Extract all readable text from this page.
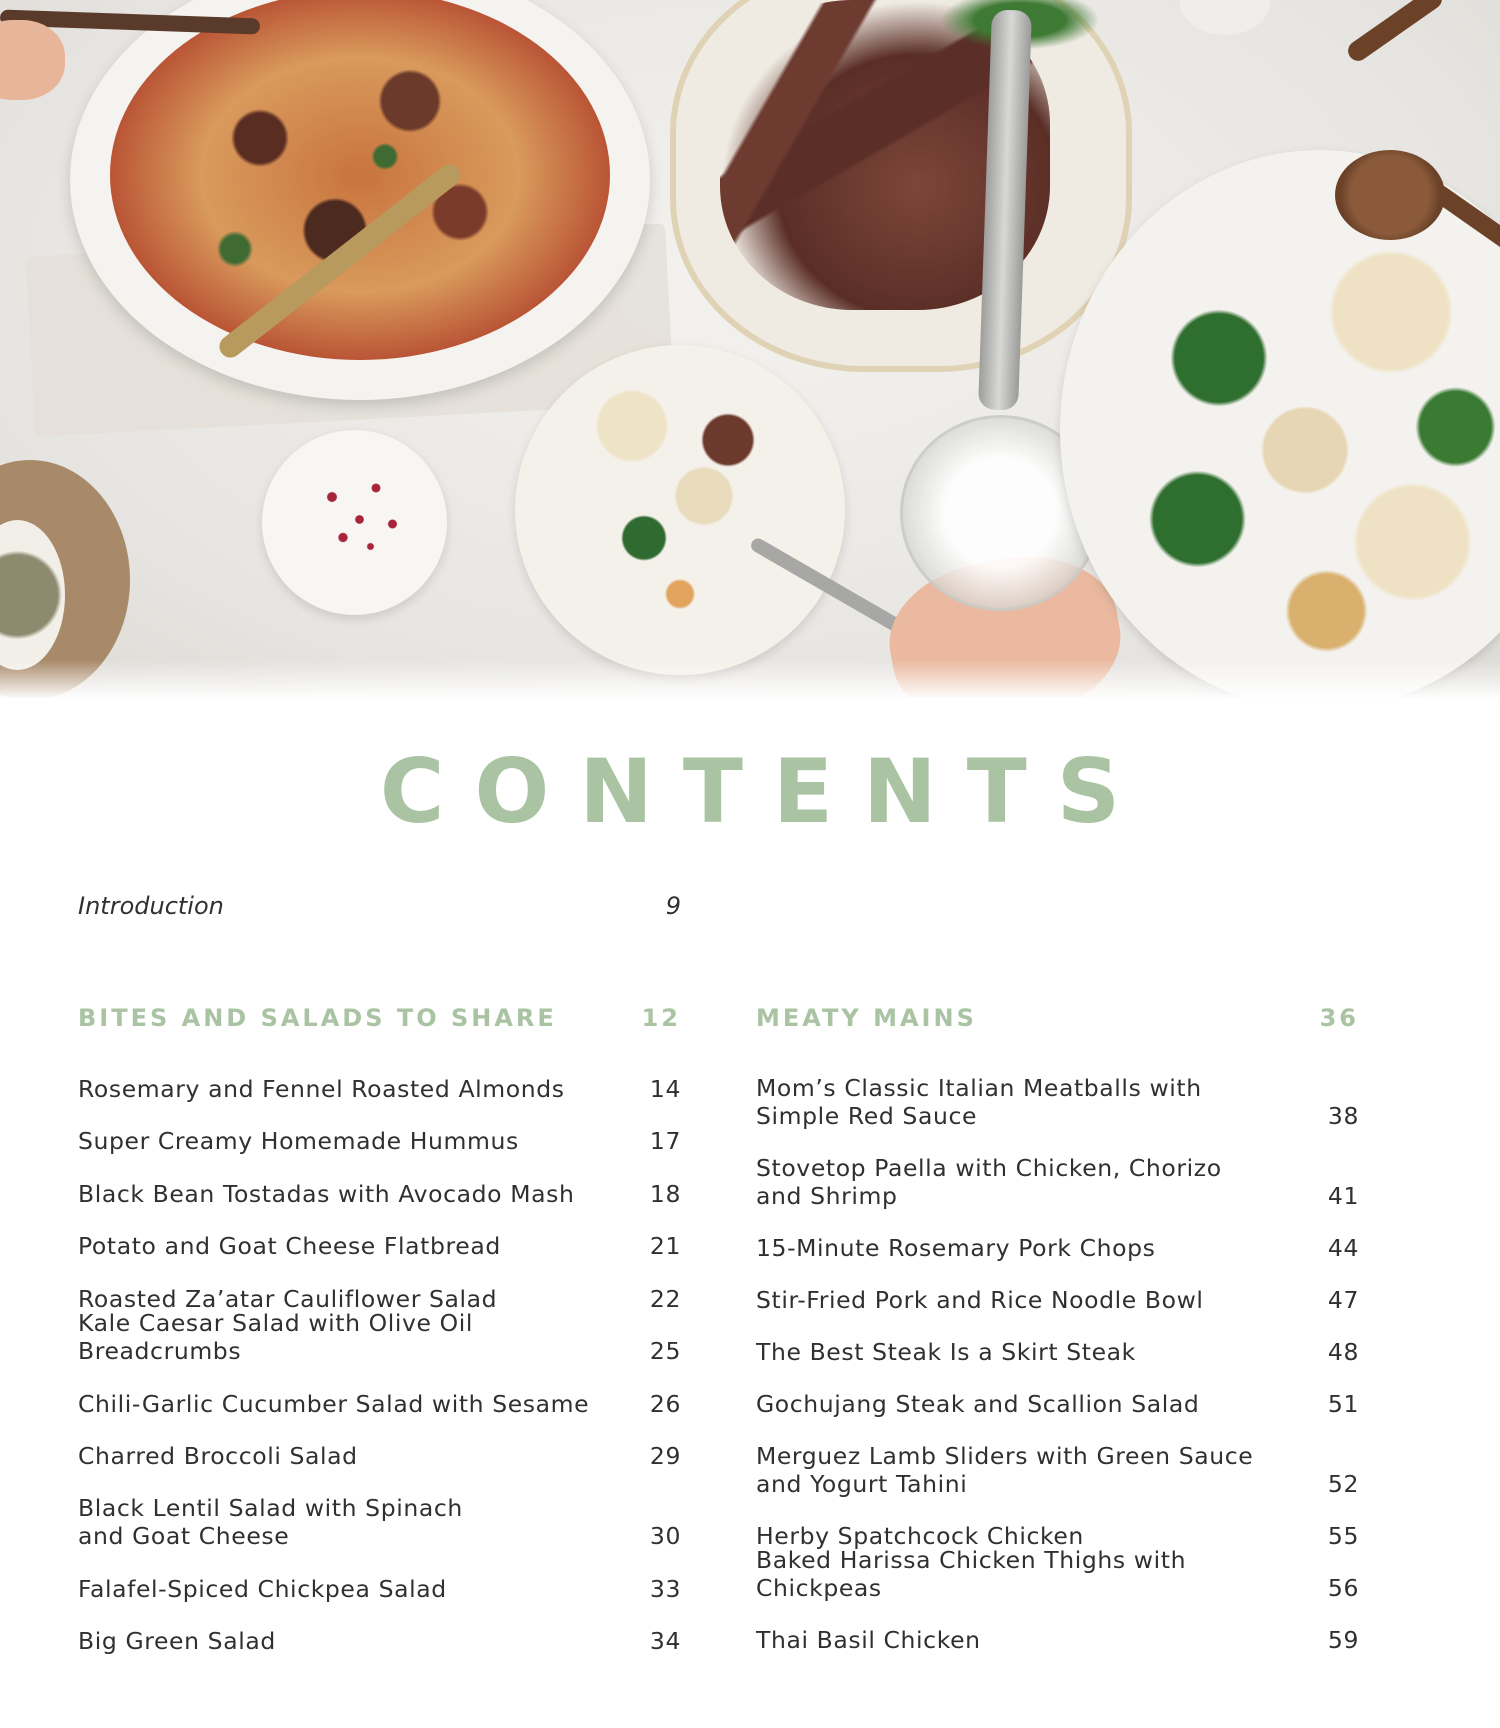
CONTENTS
Introduction	9
BITES AND SALADS TO SHARE	12
Rosemary and Fennel Roasted Almonds	14
Super Creamy Homemade Hummus	17
Black Bean Tostadas with Avocado Mash	18
Potato and Goat Cheese Flatbread	21
Roasted Za’atar Cauliflower Salad	22
Kale Caesar Salad with Olive Oil Breadcrumbs	25
Chili-Garlic Cucumber Salad with Sesame	26
Charred Broccoli Salad	29
Black Lentil Salad with Spinach
and Goat Cheese	30
Falafel-Spiced Chickpea Salad	33
Big Green Salad	34
MEATY MAINS	36
Mom’s Classic Italian Meatballs with
Simple Red Sauce	38
Stovetop Paella with Chicken, Chorizo
and Shrimp	41
15-Minute Rosemary Pork Chops	44
Stir-Fried Pork and Rice Noodle Bowl	47
The Best Steak Is a Skirt Steak	48
Gochujang Steak and Scallion Salad	51
Merguez Lamb Sliders with Green Sauce
and Yogurt Tahini	52
Herby Spatchcock Chicken	55
Baked Harissa Chicken Thighs with Chickpeas	56
Thai Basil Chicken	59
